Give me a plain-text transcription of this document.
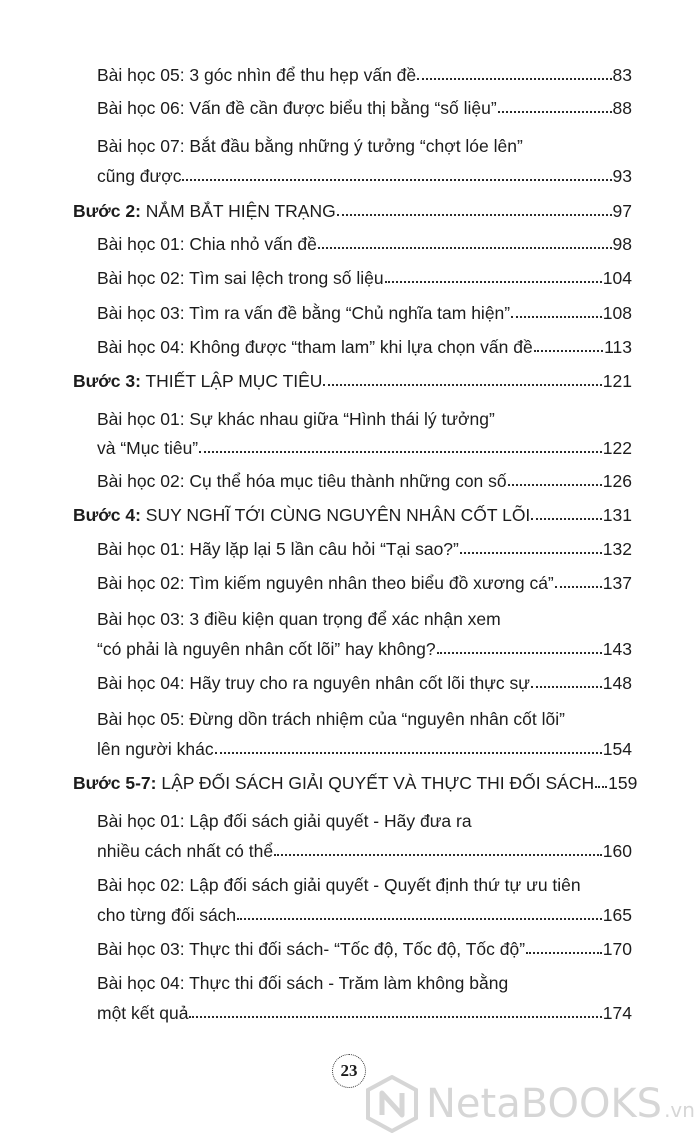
Bài học 05: 3 góc nhìn để thu hẹp vấn đề	83
Bài học 06: Vấn đề cần được biểu thị bằng “số liệu”	88
Bài học 07: Bắt đầu bằng những ý tưởng “chợt lóe lên”
cũng được	93
Bước 2: NẮM BẮT HIỆN TRẠNG	97
Bài học 01: Chia nhỏ vấn đề	98
Bài học 02: Tìm sai lệch trong số liệu	104
Bài học 03: Tìm ra vấn đề bằng “Chủ nghĩa tam hiện”	108
Bài học 04: Không được “tham lam” khi lựa chọn vấn đề	113
Bước 3: THIẾT LẬP MỤC TIÊU	121
Bài học 01: Sự khác nhau giữa “Hình thái lý tưởng”
và “Mục tiêu”	122
Bài học 02: Cụ thể hóa mục tiêu thành những con số	126
Bước 4: SUY NGHĨ TỚI CÙNG NGUYÊN NHÂN CỐT LÕI	131
Bài học 01: Hãy lặp lại 5 lần câu hỏi “Tại sao?”	132
Bài học 02: Tìm kiếm nguyên nhân theo biểu đồ xương cá”	137
Bài học 03: 3 điều kiện quan trọng để xác nhận xem
“có phải là nguyên nhân cốt lõi” hay không?	143
Bài học 04: Hãy truy cho ra nguyên nhân cốt lõi thực sự	148
Bài học 05: Đừng dồn trách nhiệm của “nguyên nhân cốt lõi”
lên người khác	154
Bước 5-7: LẬP ĐỐI SÁCH GIẢI QUYẾT VÀ THỰC THI ĐỐI SÁCH 159
Bài học 01: Lập đối sách giải quyết - Hãy đưa ra
nhiều cách nhất có thể	160
Bài học 02: Lập đối sách giải quyết - Quyết định thứ tự ưu tiên
cho từng đối sách	165
Bài học 03: Thực thi đối sách- “Tốc độ, Tốc độ, Tốc độ”	170
Bài học 04: Thực thi đối sách - Trăm làm không bằng
một kết quả	174
23
NetaBOOKS .vn
